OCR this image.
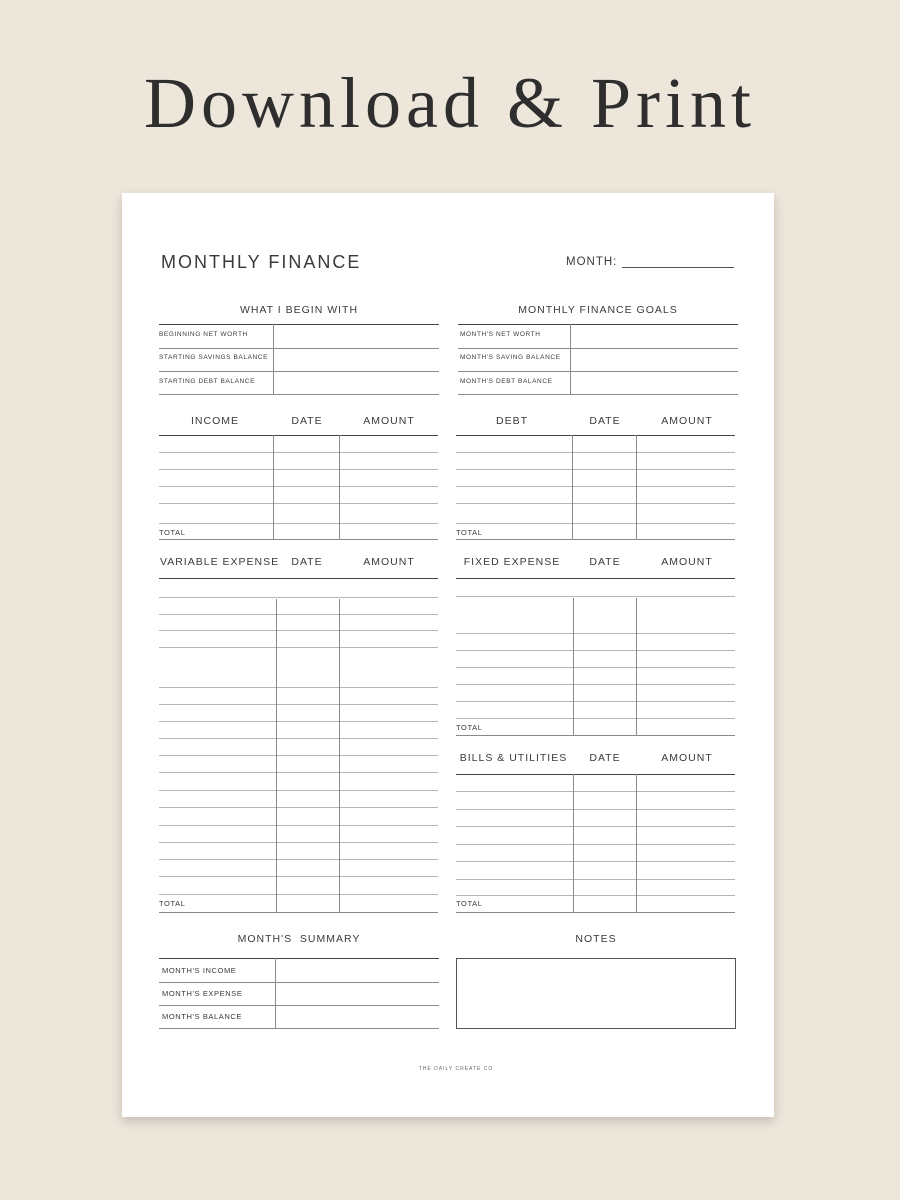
Download & Print
MONTHLY FINANCE	MONTH:
WHAT I BEGIN WITH
BEGINNING NET WORTH
STARTING SAVINGS BALANCE
STARTING DEBT BALANCE
MONTHLY FINANCE GOALS
MONTH'S NET WORTH
MONTH'S SAVING BALANCE
MONTH'S DEBT BALANCE
INCOME	DATE	AMOUNT
TOTAL
DEBT	DATE	AMOUNT
TOTAL
VARIABLE EXPENSE	DATE	AMOUNT
TOTAL
FIXED EXPENSE	DATE	AMOUNT
TOTAL
BILLS & UTILITIES	DATE	AMOUNT
TOTAL
MONTH'S  SUMMARY
MONTH'S INCOME
MONTH'S EXPENSE
MONTH'S BALANCE
NOTES
THE DAILY CREATE CO
